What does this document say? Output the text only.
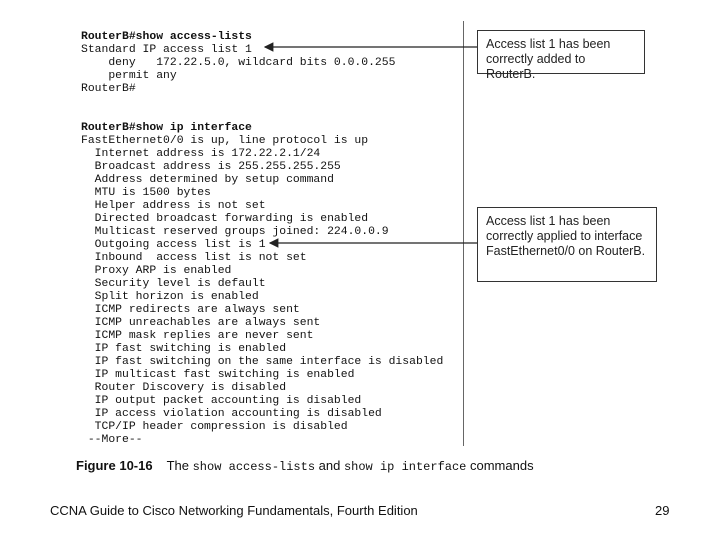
RouterB#show access-lists
Standard IP access list 1
deny   172.22.5.0, wildcard bits 0.0.0.255
permit any
RouterB#
RouterB#show ip interface
FastEthernet0/0 is up, line protocol is up
Internet address is 172.22.2.1/24
Broadcast address is 255.255.255.255
Address determined by setup command
MTU is 1500 bytes
Helper address is not set
Directed broadcast forwarding is enabled
Multicast reserved groups joined: 224.0.0.9
Outgoing access list is 1
Inbound  access list is not set
Proxy ARP is enabled
Security level is default
Split horizon is enabled
ICMP redirects are always sent
ICMP unreachables are always sent
ICMP mask replies are never sent
IP fast switching is enabled
IP fast switching on the same interface is disabled
IP multicast fast switching is enabled
Router Discovery is disabled
IP output packet accounting is disabled
IP access violation accounting is disabled
TCP/IP header compression is disabled
--More--
Access list 1 has been correctly added to RouterB.
Access list 1 has been correctly applied to interface FastEthernet0/0 on RouterB.
Figure 10-16 The show access-lists and show ip interface commands
CCNA Guide to Cisco Networking Fundamentals, Fourth Edition	29
